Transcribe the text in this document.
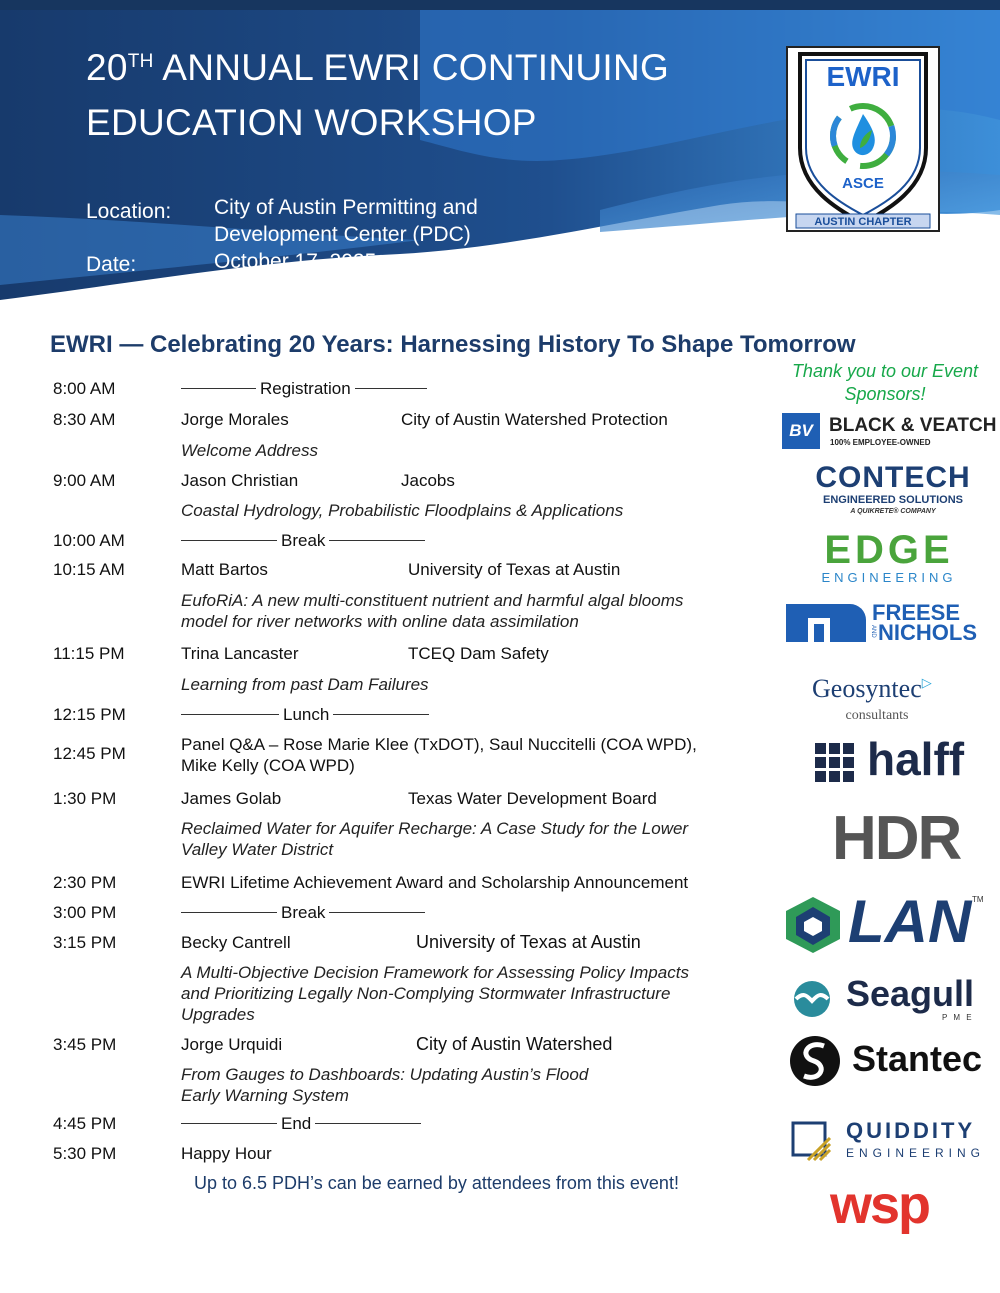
20TH ANNUAL EWRI CONTINUING
EDUCATION WORKSHOP
Location: City of Austin Permitting and
Development Center (PDC)
Date:	October 17, 2025
EWRI
ASCE
AUSTIN CHAPTER
EWRI — Celebrating 20 Years: Harnessing History To Shape Tomorrow
8:00 AM	Registration
8:30 AM	Jorge Morales	City of Austin Watershed Protection
Welcome Address
9:00 AM	Jason Christian	Jacobs
Coastal Hydrology, Probabilistic Floodplains & Applications
10:00 AM	Break
10:15 AM	Matt Bartos	University of Texas at Austin
EufoRiA: A new multi-constituent nutrient and harmful algal blooms
model for river networks with online data assimilation
11:15 PM	Trina Lancaster	TCEQ Dam Safety
Learning from past Dam Failures
12:15 PM	Lunch
12:45 PM	Panel Q&A – Rose Marie Klee (TxDOT), Saul Nuccitelli (COA WPD),
Mike Kelly (COA WPD)
1:30 PM	James Golab	Texas Water Development Board
Reclaimed Water for Aquifer Recharge: A Case Study for the Lower
Valley Water District
2:30 PM	EWRI Lifetime Achievement Award and Scholarship Announcement
3:00 PM	Break
3:15 PM	Becky Cantrell	University of Texas at Austin
A Multi-Objective Decision Framework for Assessing Policy Impacts
and Prioritizing Legally Non-Complying Stormwater Infrastructure
Upgrades
3:45 PM	Jorge Urquidi	City of Austin Watershed
From Gauges to Dashboards: Updating Austin’s Flood
Early Warning System
4:45 PM	End
5:30 PM	Happy Hour
Up to 6.5 PDH’s can be earned by attendees from this event!
Thank you to our Event
Sponsors!
BV BLACK & VEATCH
100% EMPLOYEE-OWNED
CONTECH
ENGINEERED SOLUTIONS
A QUIKRETE® COMPANY
EDGE
ENGINEERING
FREESE
AND NICHOLS
Geosyntec▷
consultants
halff
HDR
LAN TM
Seagull
P M E
Stantec
QUIDDITY
ENGINEERING
wsp
